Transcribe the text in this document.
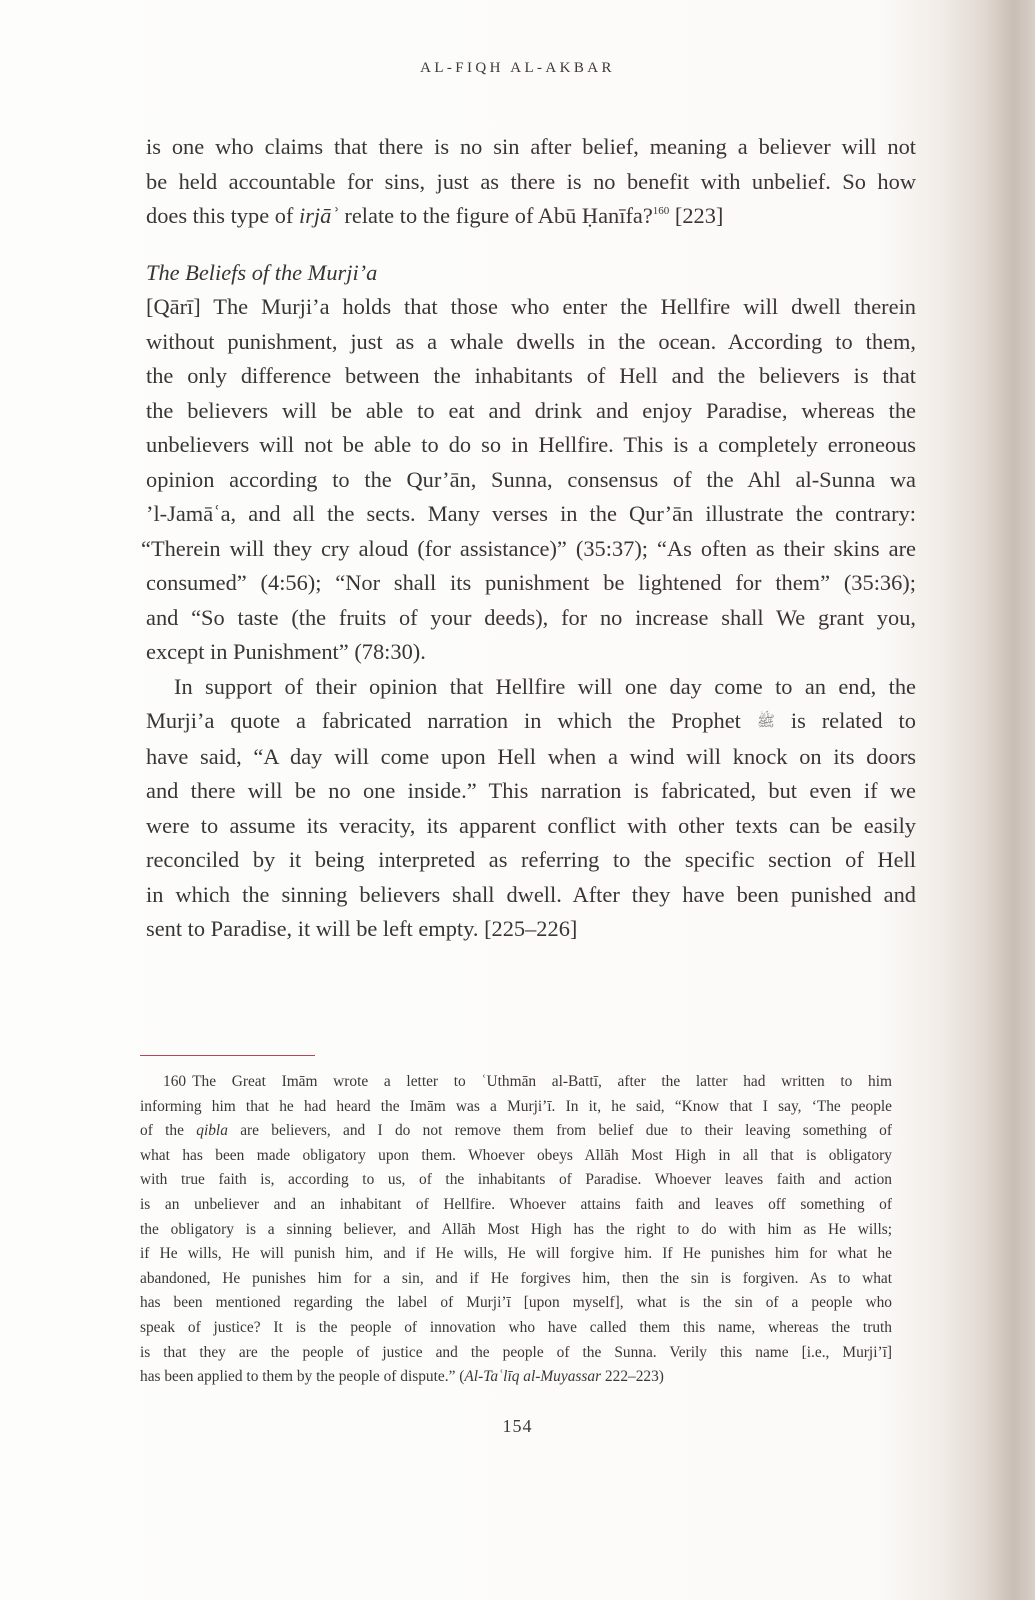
AL-FIQH AL-AKBAR

is one who claims that there is no sin after belief, meaning a believer will not
be held accountable for sins, just as there is no benefit with unbelief. So how
does this type of irjāʾ relate to the figure of Abū Ḥanīfa?$^{160}$ [223]

The Beliefs of the Murji’a

[Qārī] The Murji’a holds that those who enter the Hellfire will dwell therein
without punishment, just as a whale dwells in the ocean. According to them,
the only difference between the inhabitants of Hell and the believers is that
the believers will be able to eat and drink and enjoy Paradise, whereas the
unbelievers will not be able to do so in Hellfire. This is a completely erroneous
opinion according to the Qur’ān, Sunna, consensus of the Ahl al-Sunna wa
’l-Jamāʿa, and all the sects. Many verses in the Qur’ān illustrate the contrary:
“Therein will they cry aloud (for assistance)” (35:37); “As often as their skins are
consumed” (4:56); “Nor shall its punishment be lightened for them” (35:36);
and “So taste (the fruits of your deeds), for no increase shall We grant you,
except in Punishment” (78:30).

In support of their opinion that Hellfire will one day come to an end, the
Murji’a quote a fabricated narration in which the Prophet ﷺ is related to
have said, “A day will come upon Hell when a wind will knock on its doors
and there will be no one inside.” This narration is fabricated, but even if we
were to assume its veracity, its apparent conflict with other texts can be easily
reconciled by it being interpreted as referring to the specific section of Hell
in which the sinning believers shall dwell. After they have been punished and
sent to Paradise, it will be left empty. [225–226]

160 The Great Imām wrote a letter to ʿUthmān al-Battī, after the latter had written to him
informing him that he had heard the Imām was a Murji’ī. In it, he said, “Know that I say, ‘The people
of the qibla are believers, and I do not remove them from belief due to their leaving something of
what has been made obligatory upon them. Whoever obeys Allāh Most High in all that is obligatory
with true faith is, according to us, of the inhabitants of Paradise. Whoever leaves faith and action
is an unbeliever and an inhabitant of Hellfire. Whoever attains faith and leaves off something of
the obligatory is a sinning believer, and Allāh Most High has the right to do with him as He wills;
if He wills, He will punish him, and if He wills, He will forgive him. If He punishes him for what he
abandoned, He punishes him for a sin, and if He forgives him, then the sin is forgiven. As to what
has been mentioned regarding the label of Murji’ī [upon myself], what is the sin of a people who
speak of justice? It is the people of innovation who have called them this name, whereas the truth
is that they are the people of justice and the people of the Sunna. Verily this name [i.e., Murji’ī]
has been applied to them by the people of dispute.” (Al-Taʿlīq al-Muyassar 222–223)
154
